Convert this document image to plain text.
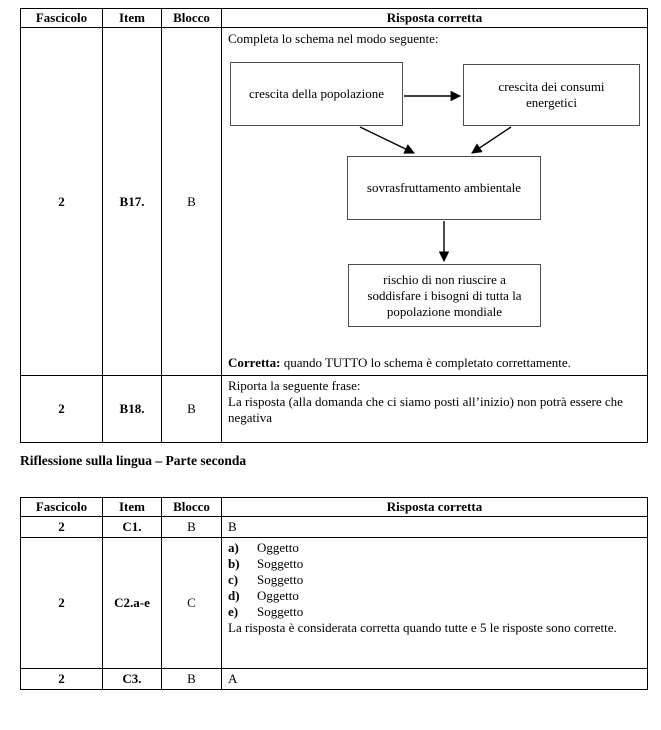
Fascicolo	Item	Blocco	Risposta corretta
2	B17.	B	

Completa lo schema nel modo seguente:

crescita della popolazione	crescita dei consumi energetici
sovrasfruttamento ambientale
rischio di non riuscire a soddisfare i bisogni di tutta la popolazione mondiale
Corretta: quando TUTTO lo schema è completato correttamente.

2	B18.	B	Riporta la seguente frase:

La risposta (alla domanda che ci siamo posti all’inizio) non potrà essere che negativa

Riflessione sulla lingua – Parte seconda
Fascicolo	Item	Blocco	Risposta corretta
2	C1.	B	B
2	C2.a-e	C	
a) Oggetto
b) Soggetto
c) Soggetto
d) Oggetto
e) Soggetto

La risposta è considerata corretta quando tutte e 5 le risposte sono corrette.

2	C3.	B	A
